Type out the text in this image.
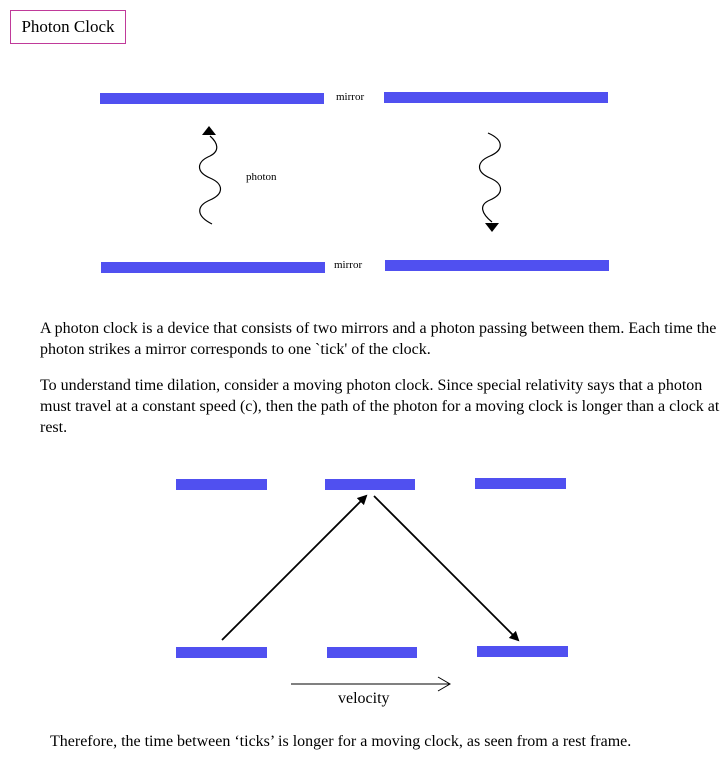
Photon Clock
mirror
mirror
photon

A photon clock is a device that consists of two mirrors and a photon passing between them. Each time the photon strikes a mirror corresponds to one `tick' of the clock.

To understand time dilation, consider a moving photon clock. Since special relativity says that a photon must travel at a constant speed (c), then the path of the photon for a moving clock is longer than a clock at rest.

velocity

Therefore, the time between ‘ticks’ is longer for a moving clock, as seen from a rest frame.
